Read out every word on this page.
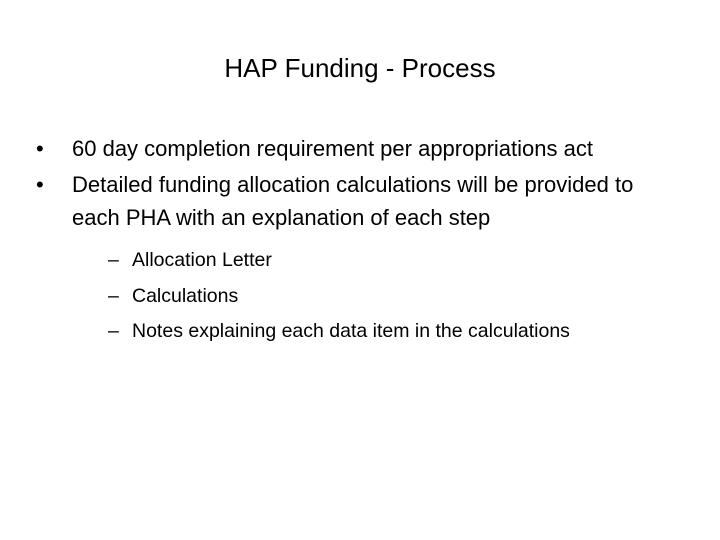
HAP Funding - Process
• 60 day completion requirement per appropriations act
• Detailed funding allocation calculations will be provided to each PHA with an explanation of each step
– Allocation Letter
– Calculations
– Notes explaining each data item in the calculations
